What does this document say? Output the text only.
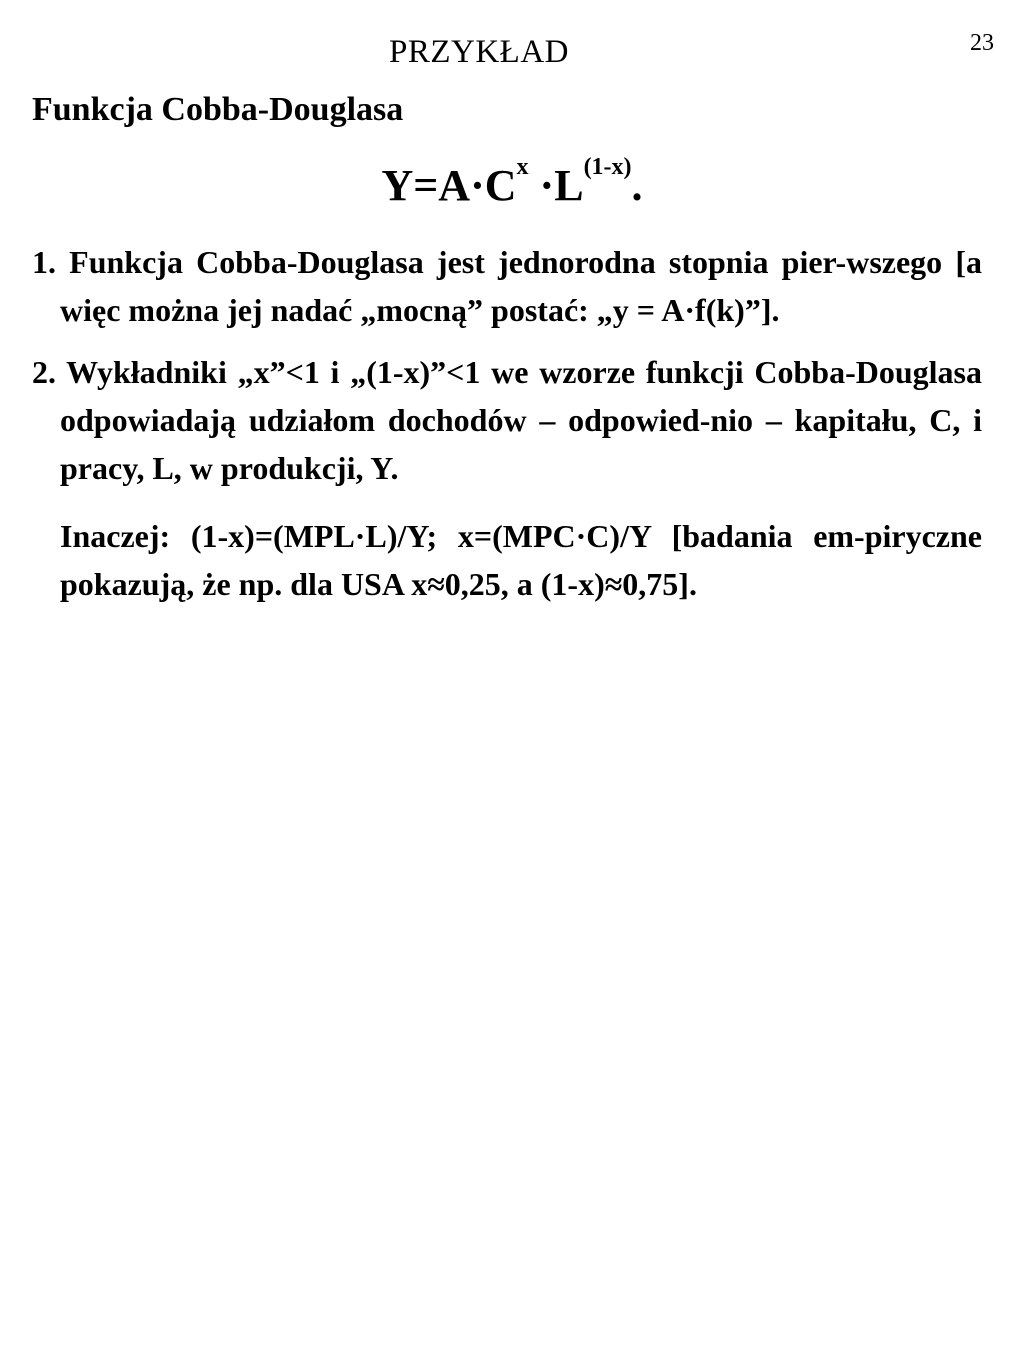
23
PRZYKŁAD
Funkcja Cobba-Douglasa
$Y=A\cdot C^x \cdot L^{(1-x)}$.
1. Funkcja Cobba-Douglasa jest jednorodna stopnia pier-wszego [a więc można jej nadać „mocną” postać: „y = A·f(k)”].
2. Wykładniki „x”<1 i „(1-x)”<1 we wzorze funkcji Cobba-Douglasa odpowiadają udziałom dochodów – odpowied-nio – kapitału, C, i pracy, L, w produkcji, Y.
Inaczej: (1-x)=(MPL·L)/Y; x=(MPC·C)/Y [badania em-piryczne pokazują, że np. dla USA x≈0,25, a (1-x)≈0,75].
